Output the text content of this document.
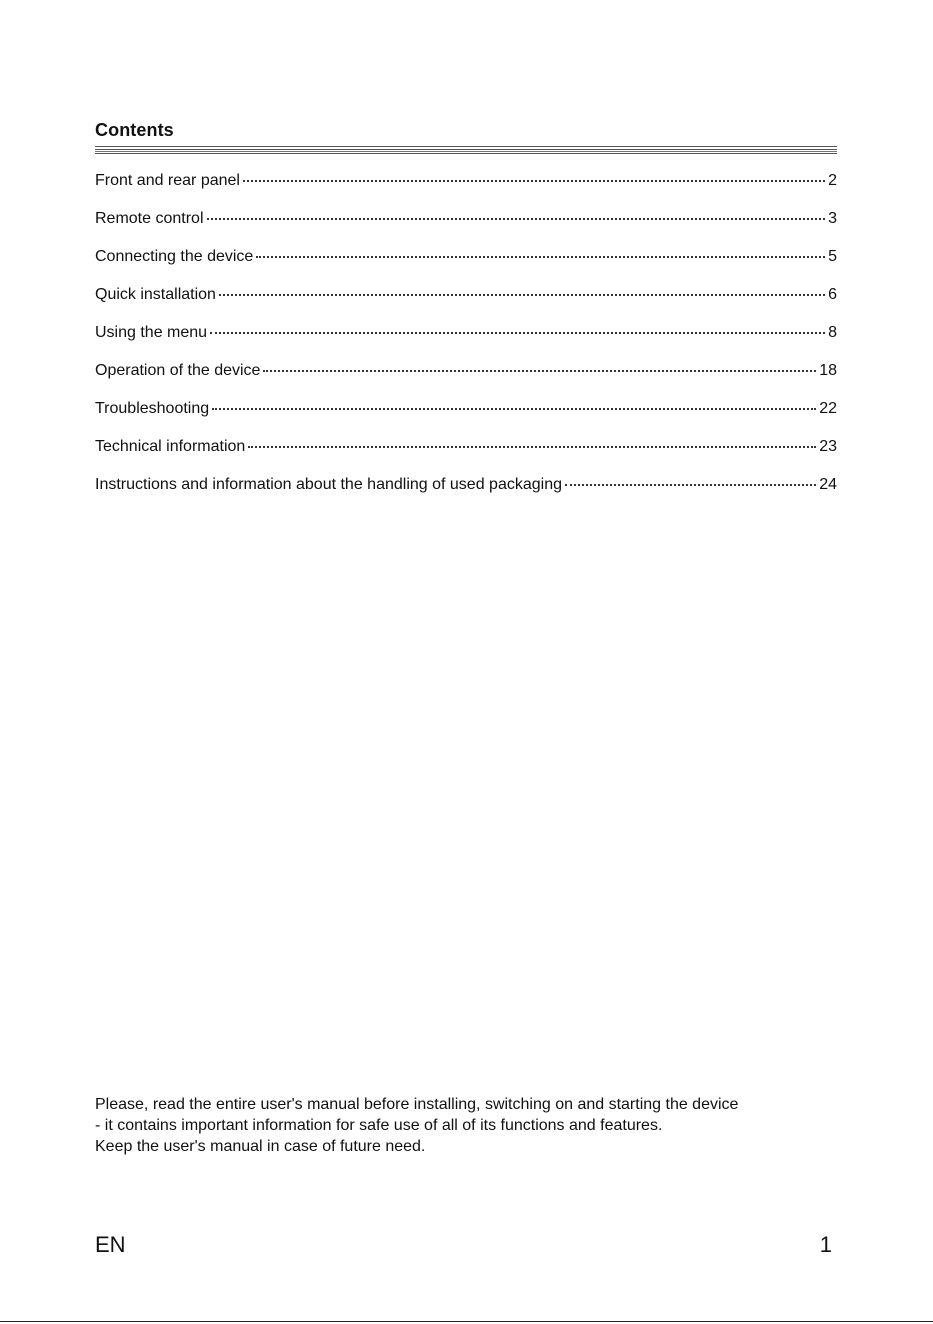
Contents
Front and rear panel	2
Remote control	3
Connecting the device	5
Quick installation	6
Using the menu	8
Operation of the device	18
Troubleshooting	22
Technical information	23
Instructions and information about the handling of used packaging	24

Please, read the entire user's manual before installing, switching on and starting the device

- it contains important information for safe use of all of its functions and features.

Keep the user's manual in case of future need.

EN	1
